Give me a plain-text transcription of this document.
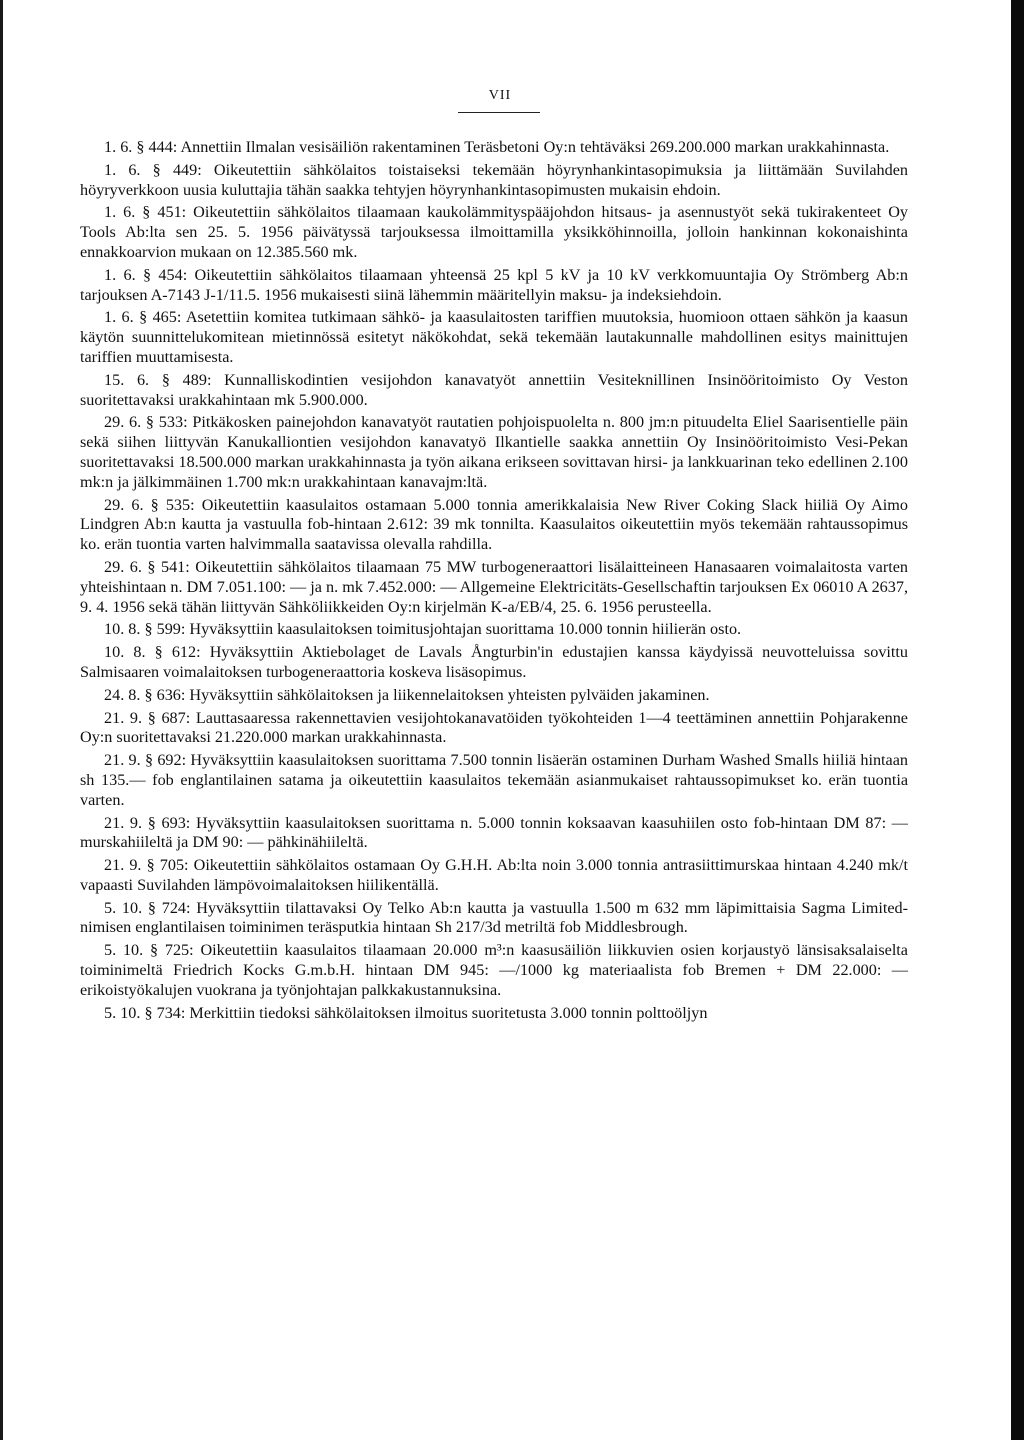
VII

1. 6. § 444: Annettiin Ilmalan vesisäiliön rakentaminen Teräsbetoni Oy:n tehtäväksi 269.200.000 markan urakkahinnasta.

1. 6. § 449: Oikeutettiin sähkölaitos toistaiseksi tekemään höyrynhankintasopimuksia ja liittämään Suvilahden höyryverkkoon uusia kuluttajia tähän saakka tehtyjen höyrynhankintasopimusten mukaisin ehdoin.

1. 6. § 451: Oikeutettiin sähkölaitos tilaamaan kaukolämmityspääjohdon hitsaus- ja asennustyöt sekä tukirakenteet Oy Tools Ab:lta sen 25. 5. 1956 päivätyssä tarjouksessa ilmoittamilla yksikköhinnoilla, jolloin hankinnan kokonaishinta ennakkoarvion mukaan on 12.385.560 mk.

1. 6. § 454: Oikeutettiin sähkölaitos tilaamaan yhteensä 25 kpl 5 kV ja 10 kV verkkomuuntajia Oy Strömberg Ab:n tarjouksen A-7143 J-1/11.5. 1956 mukaisesti siinä lähemmin määritellyin maksu- ja indeksiehdoin.

1. 6. § 465: Asetettiin komitea tutkimaan sähkö- ja kaasulaitosten tariffien muutoksia, huomioon ottaen sähkön ja kaasun käytön suunnittelukomitean mietinnössä esitetyt näkökohdat, sekä tekemään lautakunnalle mahdollinen esitys mainittujen tariffien muuttamisesta.

15. 6. § 489: Kunnalliskodintien vesijohdon kanavatyöt annettiin Vesiteknillinen Insinööritoimisto Oy Veston suoritettavaksi urakkahintaan mk 5.900.000.

29. 6. § 533: Pitkäkosken painejohdon kanavatyöt rautatien pohjoispuolelta n. 800 jm:n pituudelta Eliel Saarisentielle päin sekä siihen liittyvän Kanukalliontien vesijohdon kanavatyö Ilkantielle saakka annettiin Oy Insinööritoimisto Vesi-Pekan suoritettavaksi 18.500.000 markan urakkahinnasta ja työn aikana erikseen sovittavan hirsi- ja lankkuarinan teko edellinen 2.100 mk:n ja jälkimmäinen 1.700 mk:n urakkahintaan kanavajm:ltä.

29. 6. § 535: Oikeutettiin kaasulaitos ostamaan 5.000 tonnia amerikkalaisia New River Coking Slack hiiliä Oy Aimo Lindgren Ab:n kautta ja vastuulla fob-hintaan 2.612: 39 mk tonnilta. Kaasulaitos oikeutettiin myös tekemään rahtaussopimus ko. erän tuontia varten halvimmalla saatavissa olevalla rahdilla.

29. 6. § 541: Oikeutettiin sähkölaitos tilaamaan 75 MW turbogeneraattori lisälaitteineen Hanasaaren voimalaitosta varten yhteishintaan n. DM 7.051.100: — ja n. mk 7.452.000: — Allgemeine Elektricitäts-Gesellschaftin tarjouksen Ex 06010 A 2637, 9. 4. 1956 sekä tähän liittyvän Sähköliikkeiden Oy:n kirjelmän K-a/EB/4, 25. 6. 1956 perusteella.

10. 8. § 599: Hyväksyttiin kaasulaitoksen toimitusjohtajan suorittama 10.000 tonnin hiilierän osto.

10. 8. § 612: Hyväksyttiin Aktiebolaget de Lavals Ångturbin'in edustajien kanssa käydyissä neuvotteluissa sovittu Salmisaaren voimalaitoksen turbogeneraattoria koskeva lisäsopimus.

24. 8. § 636: Hyväksyttiin sähkölaitoksen ja liikennelaitoksen yhteisten pylväiden jakaminen.

21. 9. § 687: Lauttasaaressa rakennettavien vesijohtokanavatöiden työkohteiden 1—4 teettäminen annettiin Pohjarakenne Oy:n suoritettavaksi 21.220.000 markan urakkahinnasta.

21. 9. § 692: Hyväksyttiin kaasulaitoksen suorittama 7.500 tonnin lisäerän ostaminen Durham Washed Smalls hiiliä hintaan sh 135.— fob englantilainen satama ja oikeutettiin kaasulaitos tekemään asianmukaiset rahtaussopimukset ko. erän tuontia varten.

21. 9. § 693: Hyväksyttiin kaasulaitoksen suorittama n. 5.000 tonnin koksaavan kaasuhiilen osto fob-hintaan DM 87: — murskahiileltä ja DM 90: — pähkinähiileltä.

21. 9. § 705: Oikeutettiin sähkölaitos ostamaan Oy G.H.H. Ab:lta noin 3.000 tonnia antrasiittimurskaa hintaan 4.240 mk/t vapaasti Suvilahden lämpövoimalaitoksen hiilikentällä.

5. 10. § 724: Hyväksyttiin tilattavaksi Oy Telko Ab:n kautta ja vastuulla 1.500 m 632 mm läpimittaisia Sagma Limited-nimisen englantilaisen toiminimen teräsputkia hintaan Sh 217/3d metriltä fob Middlesbrough.

5. 10. § 725: Oikeutettiin kaasulaitos tilaamaan 20.000 m³:n kaasusäiliön liikkuvien osien korjaustyö länsisaksalaiselta toiminimeltä Friedrich Kocks G.m.b.H. hintaan DM 945: —/1000 kg materiaalista fob Bremen + DM 22.000: — erikoistyökalujen vuokrana ja työnjohtajan palkkakustannuksina.

5. 10. § 734: Merkittiin tiedoksi sähkölaitoksen ilmoitus suoritetusta 3.000 tonnin polttoöljyn
